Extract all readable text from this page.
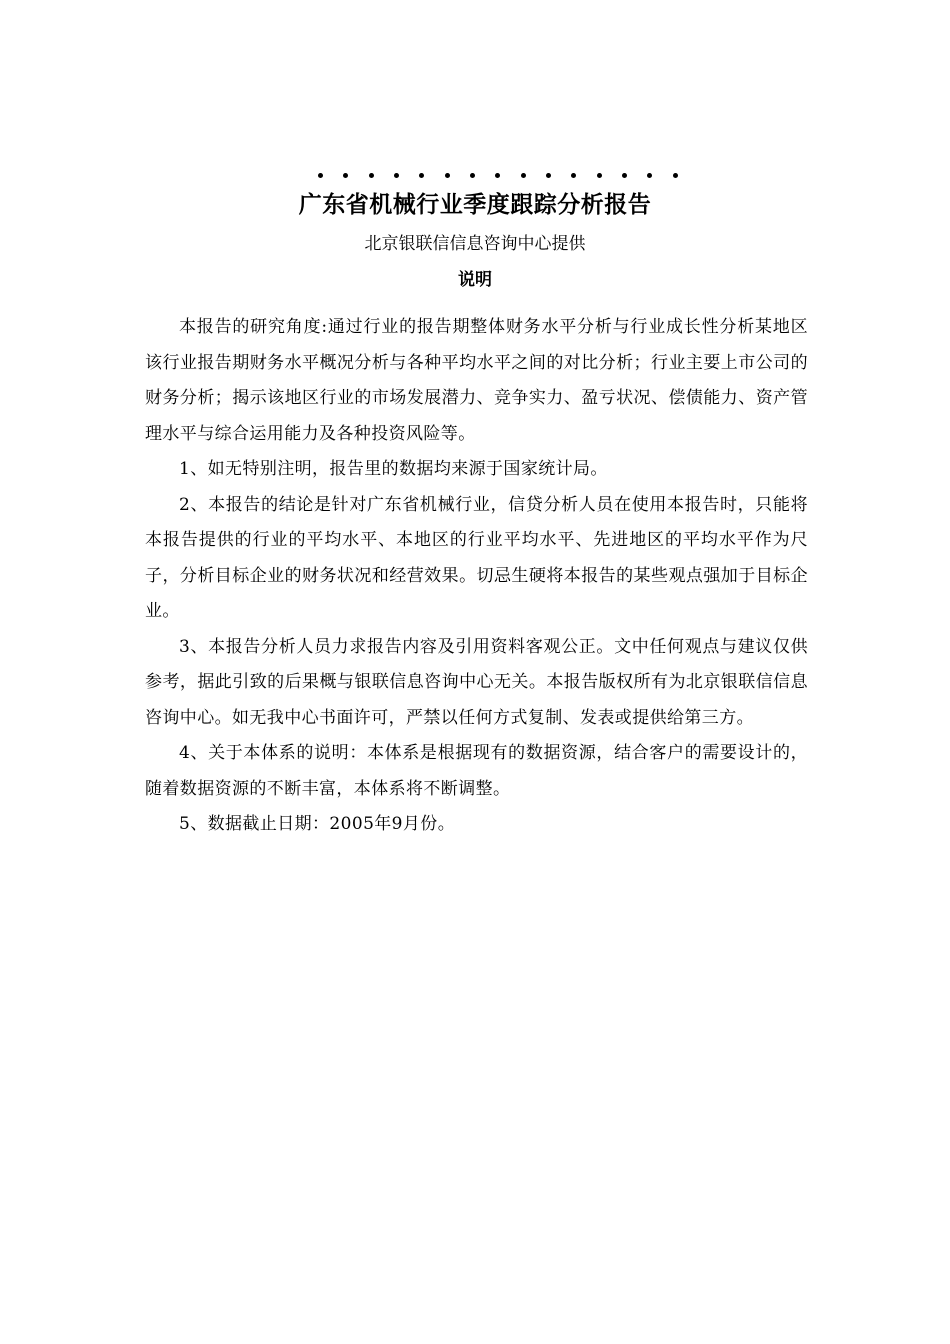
广东省机械行业季度跟踪分析报告
北京银联信信息咨询中心提供
说明

本报告的研究角度:通过行业的报告期整体财务水平分析与行业成长性分析某地区该行业报告期财务水平概况分析与各种平均水平之间的对比分析；行业主要上市公司的财务分析；揭示该地区行业的市场发展潜力、竞争实力、盈亏状况、偿债能力、资产管理水平与综合运用能力及各种投资风险等。

1、如无特别注明，报告里的数据均来源于国家统计局。

2、本报告的结论是针对广东省机械行业，信贷分析人员在使用本报告时，只能将本报告提供的行业的平均水平、本地区的行业平均水平、先进地区的平均水平作为尺子，分析目标企业的财务状况和经营效果。切忌生硬将本报告的某些观点强加于目标企业。

3、本报告分析人员力求报告内容及引用资料客观公正。文中任何观点与建议仅供参考，据此引致的后果概与银联信息咨询中心无关。本报告版权所有为北京银联信信息咨询中心。如无我中心书面许可，严禁以任何方式复制、发表或提供给第三方。

4、关于本体系的说明：本体系是根据现有的数据资源，结合客户的需要设计的，随着数据资源的不断丰富，本体系将不断调整。

5、数据截止日期：2005年9月份。
